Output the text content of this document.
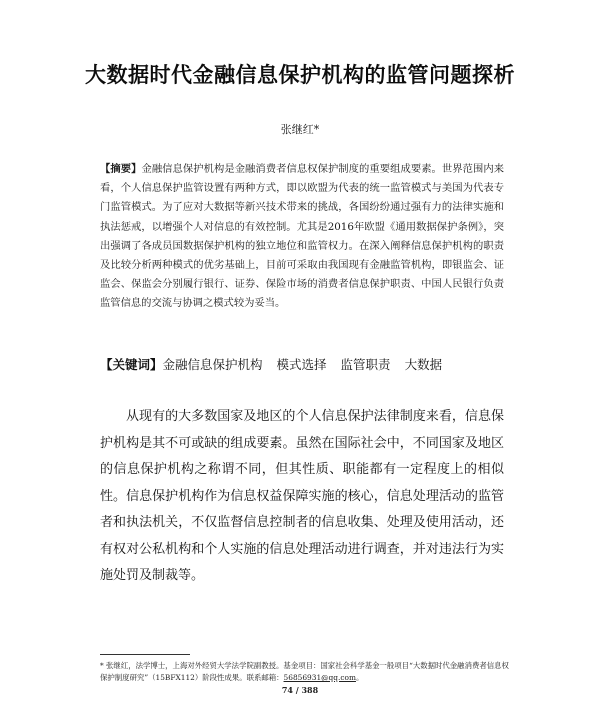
大数据时代金融信息保护机构的监管问题探析
张继红*
【摘要】金融信息保护机构是金融消费者信息权保护制度的重要组成要素。世界范围内来看，个人信息保护监管设置有两种方式，即以欧盟为代表的统一监管模式与美国为代表专门监管模式。为了应对大数据等新兴技术带来的挑战，各国纷纷通过强有力的法律实施和执法惩戒，以增强个人对信息的有效控制。尤其是2016年欧盟《通用数据保护条例》，突出强调了各成员国数据保护机构的独立地位和监管权力。在深入阐释信息保护机构的职责及比较分析两种模式的优劣基础上，目前可采取由我国现有金融监管机构，即银监会、证监会、保监会分别履行银行、证券、保险市场的消费者信息保护职责、中国人民银行负责监管信息的交流与协调之模式较为妥当。
【关键词】金融信息保护机构 模式选择 监管职责 大数据
从现有的大多数国家及地区的个人信息保护法律制度来看，信息保护机构是其不可或缺的组成要素。虽然在国际社会中，不同国家及地区的信息保护机构之称谓不同，但其性质、职能都有一定程度上的相似性。信息保护机构作为信息权益保障实施的核心，信息处理活动的监管者和执法机关，不仅监督信息控制者的信息收集、处理及使用活动，还有权对公私机构和个人实施的信息处理活动进行调查，并对违法行为实施处罚及制裁等。
* 张继红，法学博士，上海对外经贸大学法学院副教授。基金项目：国家社会科学基金一般项目“大数据时代金融消费者信息权保护制度研究”（15BFX112）阶段性成果。联系邮箱：56856931@qq.com。
74 / 388
